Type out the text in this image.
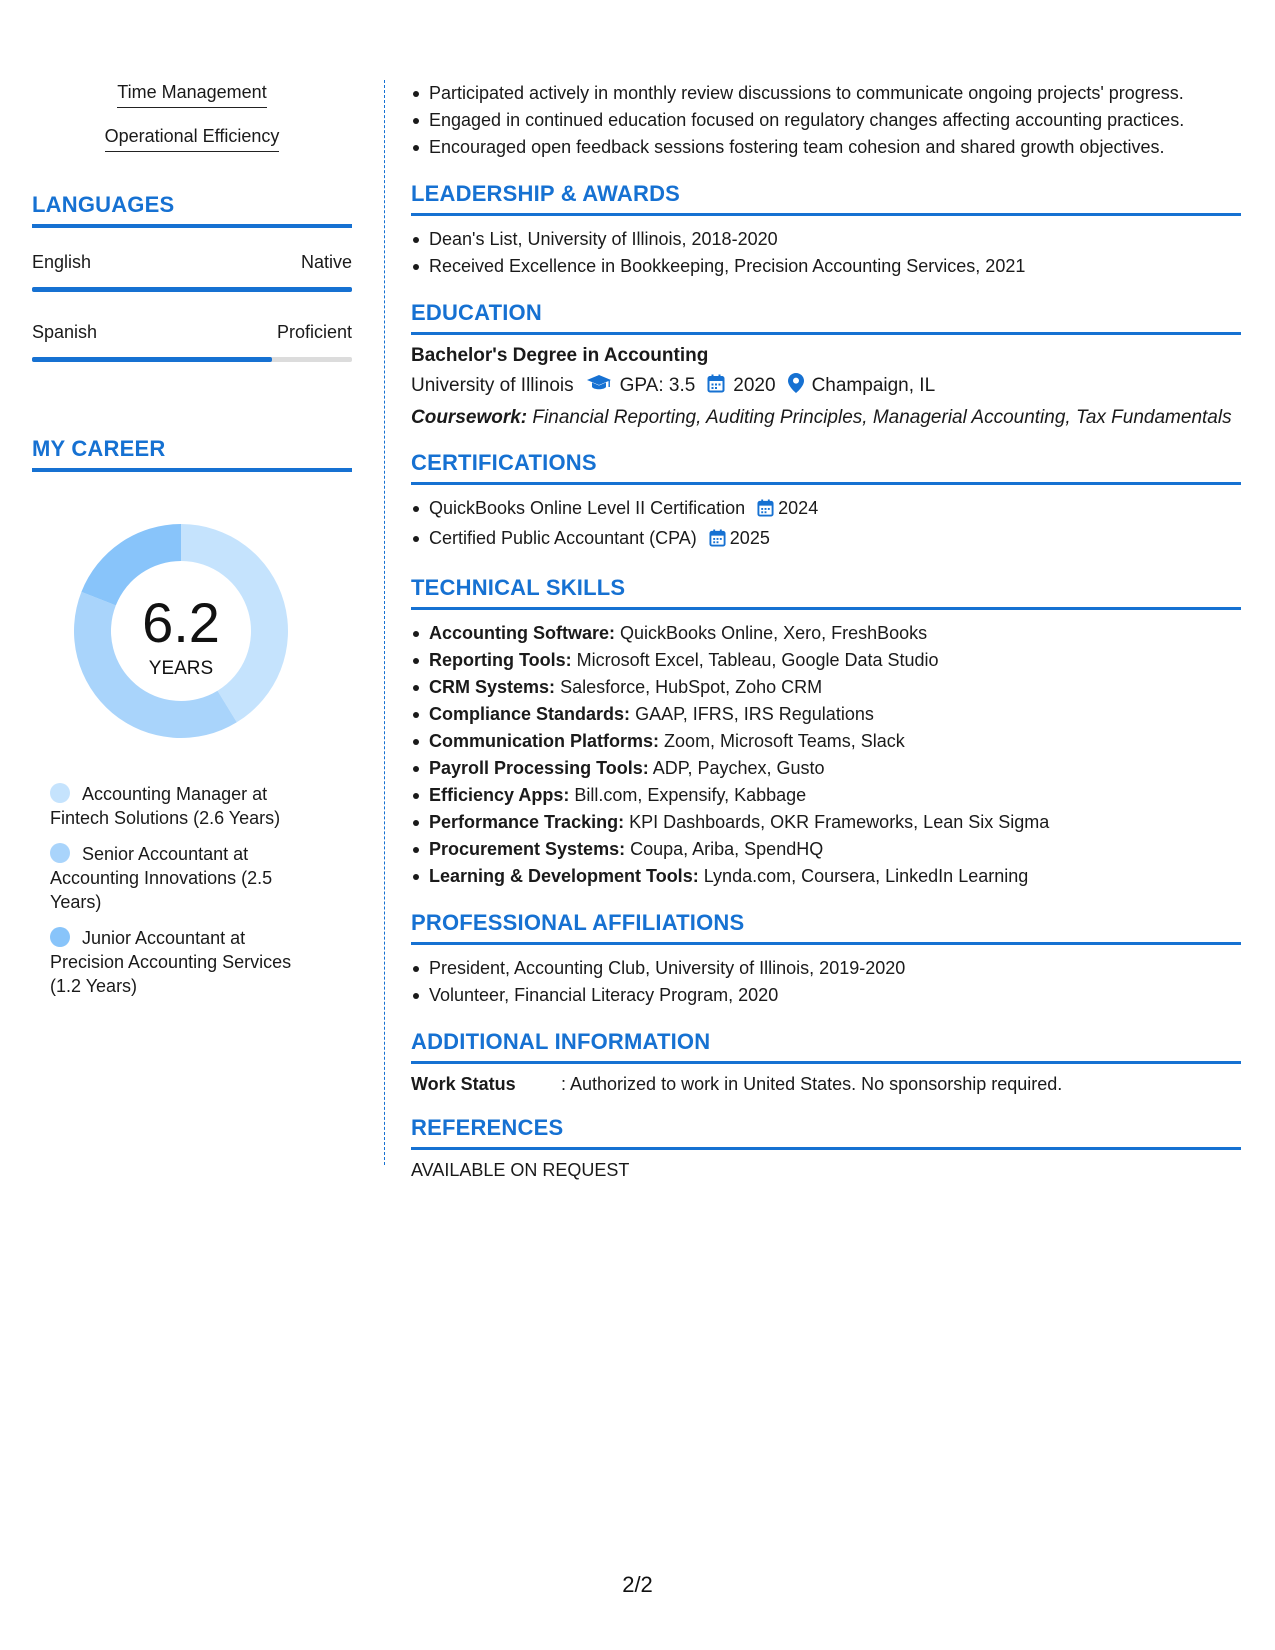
Time Management
Operational Efficiency
LANGUAGES
English	Native
Spanish	Proficient
MY CAREER
6.2
YEARS
Accounting Manager at Fintech Solutions (2.6 Years)
Senior Accountant at Accounting Innovations (2.5 Years)
Junior Accountant at Precision Accounting Services (1.2 Years)
Participated actively in monthly review discussions to communicate ongoing projects' progress.
Engaged in continued education focused on regulatory changes affecting accounting practices.
Encouraged open feedback sessions fostering team cohesion and shared growth objectives.
LEADERSHIP & AWARDS
Dean's List, University of Illinois, 2018-2020
Received Excellence in Bookkeeping, Precision Accounting Services, 2021
EDUCATION
Bachelor's Degree in Accounting
University of Illinois GPA: 3.5 2020 Champaign, IL
Coursework: Financial Reporting, Auditing Principles, Managerial Accounting, Tax Fundamentals
CERTIFICATIONS
QuickBooks Online Level II Certification 2024
Certified Public Accountant (CPA) 2025
TECHNICAL SKILLS
Accounting Software: QuickBooks Online, Xero, FreshBooks
Reporting Tools: Microsoft Excel, Tableau, Google Data Studio
CRM Systems: Salesforce, HubSpot, Zoho CRM
Compliance Standards: GAAP, IFRS, IRS Regulations
Communication Platforms: Zoom, Microsoft Teams, Slack
Payroll Processing Tools: ADP, Paychex, Gusto
Efficiency Apps: Bill.com, Expensify, Kabbage
Performance Tracking: KPI Dashboards, OKR Frameworks, Lean Six Sigma
Procurement Systems: Coupa, Ariba, SpendHQ
Learning & Development Tools: Lynda.com, Coursera, LinkedIn Learning
PROFESSIONAL AFFILIATIONS
President, Accounting Club, University of Illinois, 2019-2020
Volunteer, Financial Literacy Program, 2020
ADDITIONAL INFORMATION
Work Status	: Authorized to work in United States. No sponsorship required.
REFERENCES
AVAILABLE ON REQUEST
2/2
